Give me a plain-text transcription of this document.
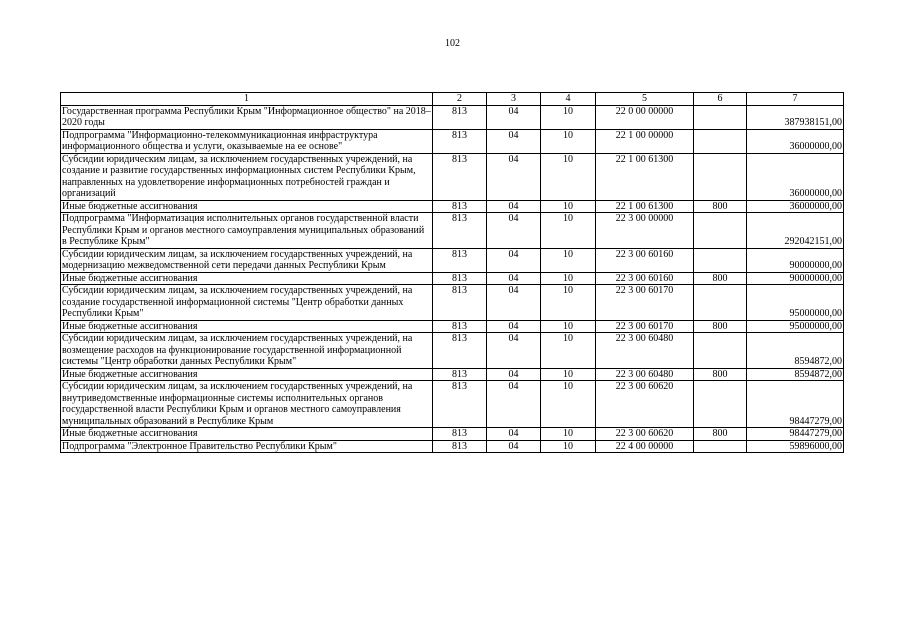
102
1	2	3	4	5	6	7
Государственная программа Республики Крым "Информационное общество" на 2018–2020 годы	813	04	10	22 0 00 00000		387938151,00
Подпрограмма "Информационно-телекоммуникационная инфраструктура информационного общества и услуги, оказываемые на ее основе"	813	04	10	22 1 00 00000		36000000,00
Субсидии юридическим лицам, за исключением государственных учреждений, на создание и развитие государственных информационных систем Республики Крым, направленных на удовлетворение информационных потребностей граждан и организаций	813	04	10	22 1 00 61300		36000000,00
Иные бюджетные ассигнования	813	04	10	22 1 00 61300	800	36000000,00
Подпрограмма "Информатизация исполнительных органов государственной власти Республики Крым и органов местного самоуправления муниципальных образований в Республике Крым"	813	04	10	22 3 00 00000		292042151,00
Субсидии юридическим лицам, за исключением государственных учреждений, на модернизацию межведомственной сети передачи данных Республики Крым	813	04	10	22 3 00 60160		90000000,00
Иные бюджетные ассигнования	813	04	10	22 3 00 60160	800	90000000,00
Субсидии юридическим лицам, за исключением государственных учреждений, на создание государственной информационной системы "Центр обработки данных Республики Крым"	813	04	10	22 3 00 60170		95000000,00
Иные бюджетные ассигнования	813	04	10	22 3 00 60170	800	95000000,00
Субсидии юридическим лицам, за исключением государственных учреждений, на возмещение расходов на функционирование государственной информационной системы "Центр обработки данных Республики Крым"	813	04	10	22 3 00 60480		8594872,00
Иные бюджетные ассигнования	813	04	10	22 3 00 60480	800	8594872,00
Субсидии юридическим лицам, за исключением государственных учреждений, на внутриведомственные информационные системы исполнительных органов государственной власти Республики Крым и органов местного самоуправления муниципальных образований в Республике Крым	813	04	10	22 3 00 60620		98447279,00
Иные бюджетные ассигнования	813	04	10	22 3 00 60620	800	98447279,00
Подпрограмма "Электронное Правительство Республики Крым"	813	04	10	22 4 00 00000		59896000,00
